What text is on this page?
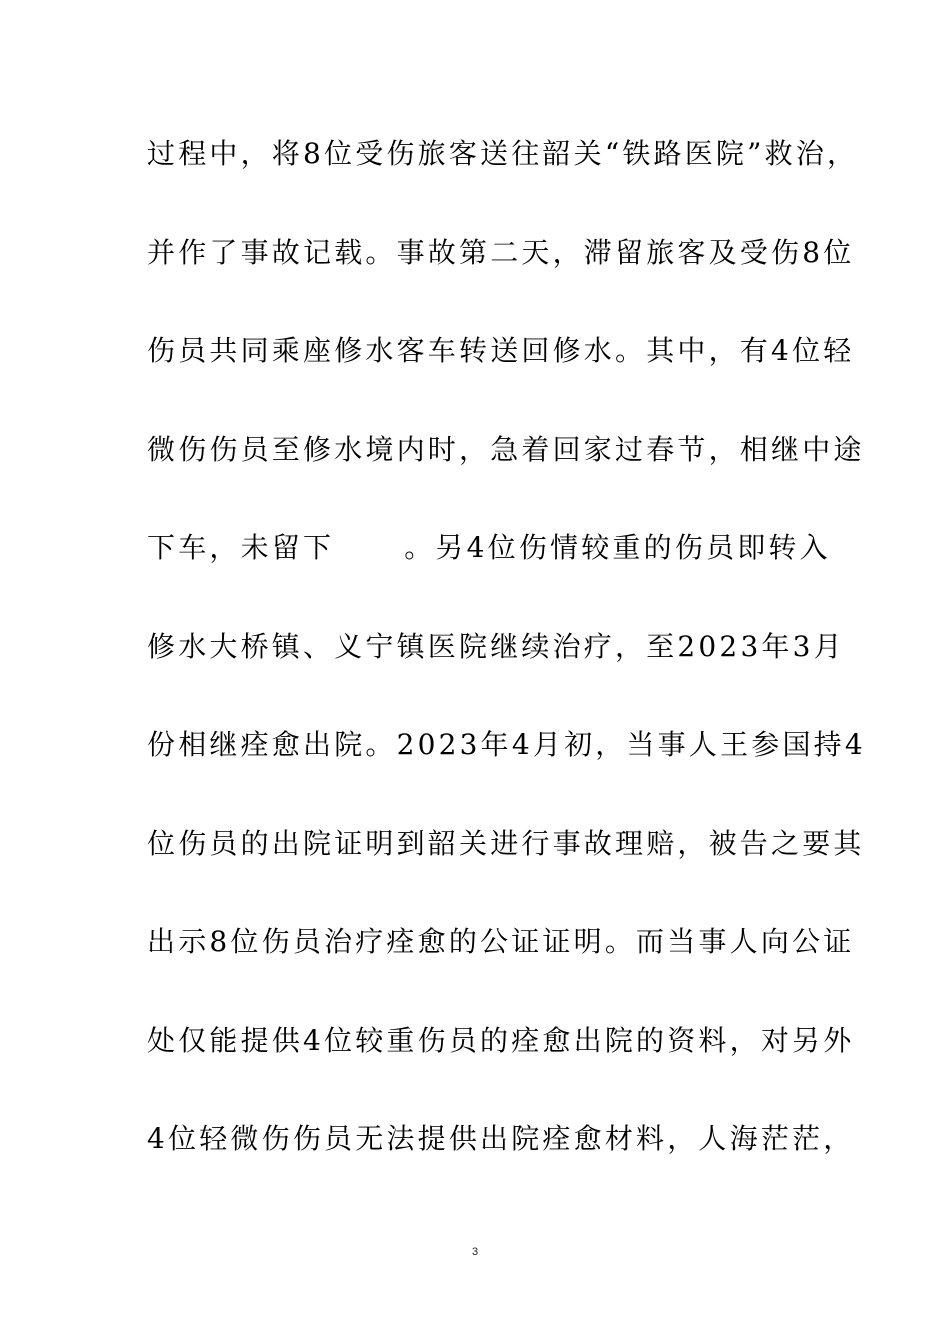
过程中，将8位受伤旅客送往韶关“铁路医院”救治，
并作了事故记载。事故第二天，滞留旅客及受伤8位
伤员共同乘座修水客车转送回修水。其中，有4位轻
微伤伤员至修水境内时，急着回家过春节，相继中途
下车，未留下	。另4位伤情较重的伤员即转入
修水大桥镇、义宁镇医院继续治疗，至2023年3月
份相继痊愈出院。2023年4月初，当事人王参国持4
位伤员的出院证明到韶关进行事故理赔，被告之要其
出示8位伤员治疗痊愈的公证证明。而当事人向公证
处仅能提供4位较重伤员的痊愈出院的资料，对另外
4位轻微伤伤员无法提供出院痊愈材料，人海茫茫，
3
